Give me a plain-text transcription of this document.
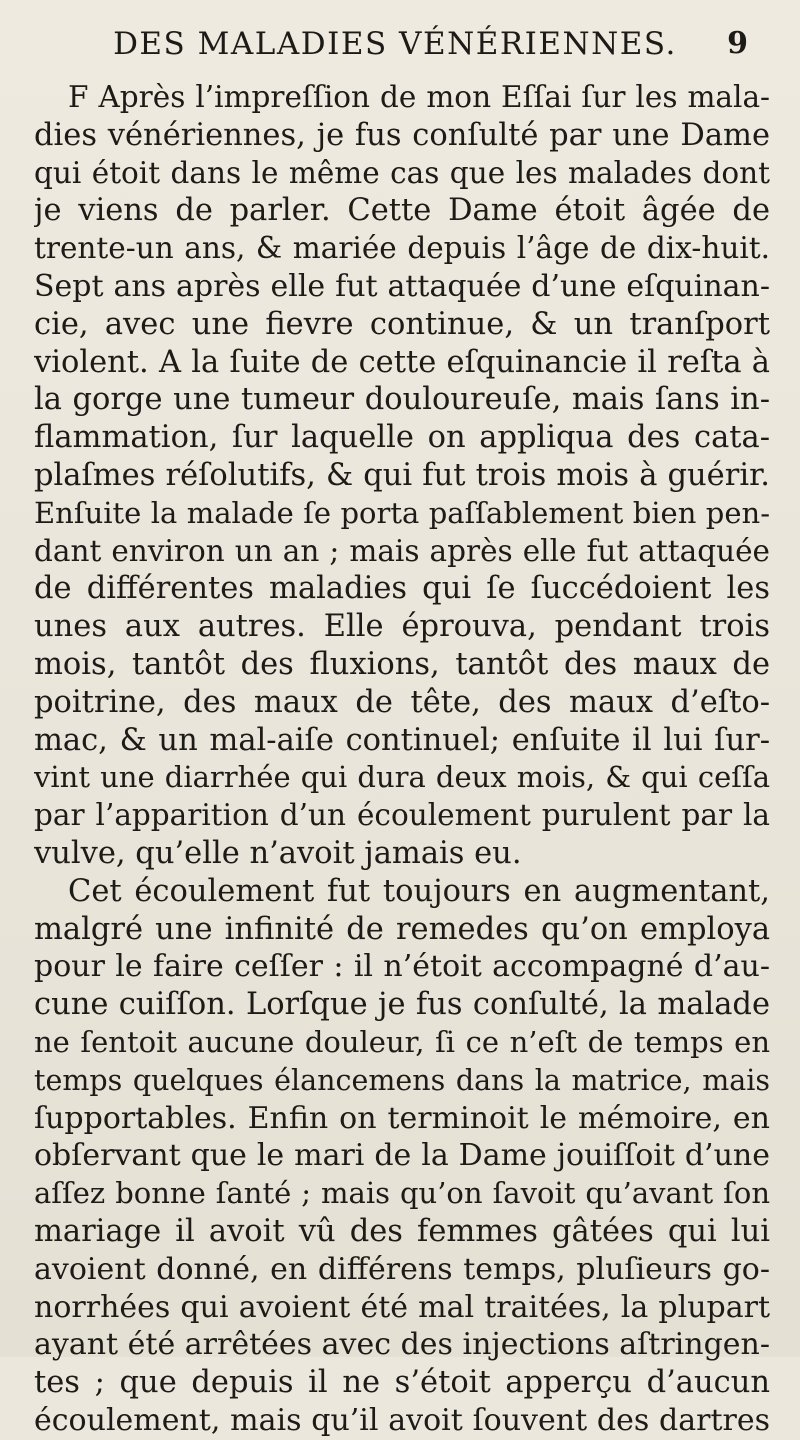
DES MALADIES VÉNÉRIENNES.	9
F Après l’impreſſion de mon Eſſai ſur les mala-
dies vénériennes, je fus conſulté par une Dame
qui étoit dans le même cas que les malades dont
je viens de parler. Cette Dame étoit âgée de
trente-un ans, & mariée depuis l’âge de dix-huit.
Sept ans après elle fut attaquée d’une eſquinan-
cie, avec une fievre continue, & un tranſport
violent. A la ſuite de cette eſquinancie il reſta à
la gorge une tumeur douloureuſe, mais ſans in-
flammation, ſur laquelle on appliqua des cata-
plaſmes réſolutifs, & qui fut trois mois à guérir.
Enſuite la malade ſe porta paſſablement bien pen-
dant environ un an ; mais après elle fut attaquée
de différentes maladies qui ſe ſuccédoient les
unes aux autres. Elle éprouva, pendant trois
mois, tantôt des fluxions, tantôt des maux de
poitrine, des maux de tête, des maux d’eſto-
mac, & un mal-aiſe continuel; enſuite il lui ſur-
vint une diarrhée qui dura deux mois, & qui ceſſa
par l’apparition d’un écoulement purulent par la
vulve, qu’elle n’avoit jamais eu.
Cet écoulement fut toujours en augmentant,
malgré une infinité de remedes qu’on employa
pour le faire ceſſer : il n’étoit accompagné d’au-
cune cuiſſon. Lorſque je fus conſulté, la malade
ne ſentoit aucune douleur, ſi ce n’eſt de temps en
temps quelques élancemens dans la matrice, mais
ſupportables. Enfin on terminoit le mémoire, en
obſervant que le mari de la Dame jouiſſoit d’une
aſſez bonne ſanté ; mais qu’on ſavoit qu’avant ſon
mariage il avoit vû des femmes gâtées qui lui
avoient donné, en différens temps, pluſieurs go-
norrhées qui avoient été mal traitées, la plupart
ayant été arrêtées avec des injections aſtringen-
tes ; que depuis il ne s’étoit apperçu d’aucun
écoulement, mais qu’il avoit ſouvent des dartres
